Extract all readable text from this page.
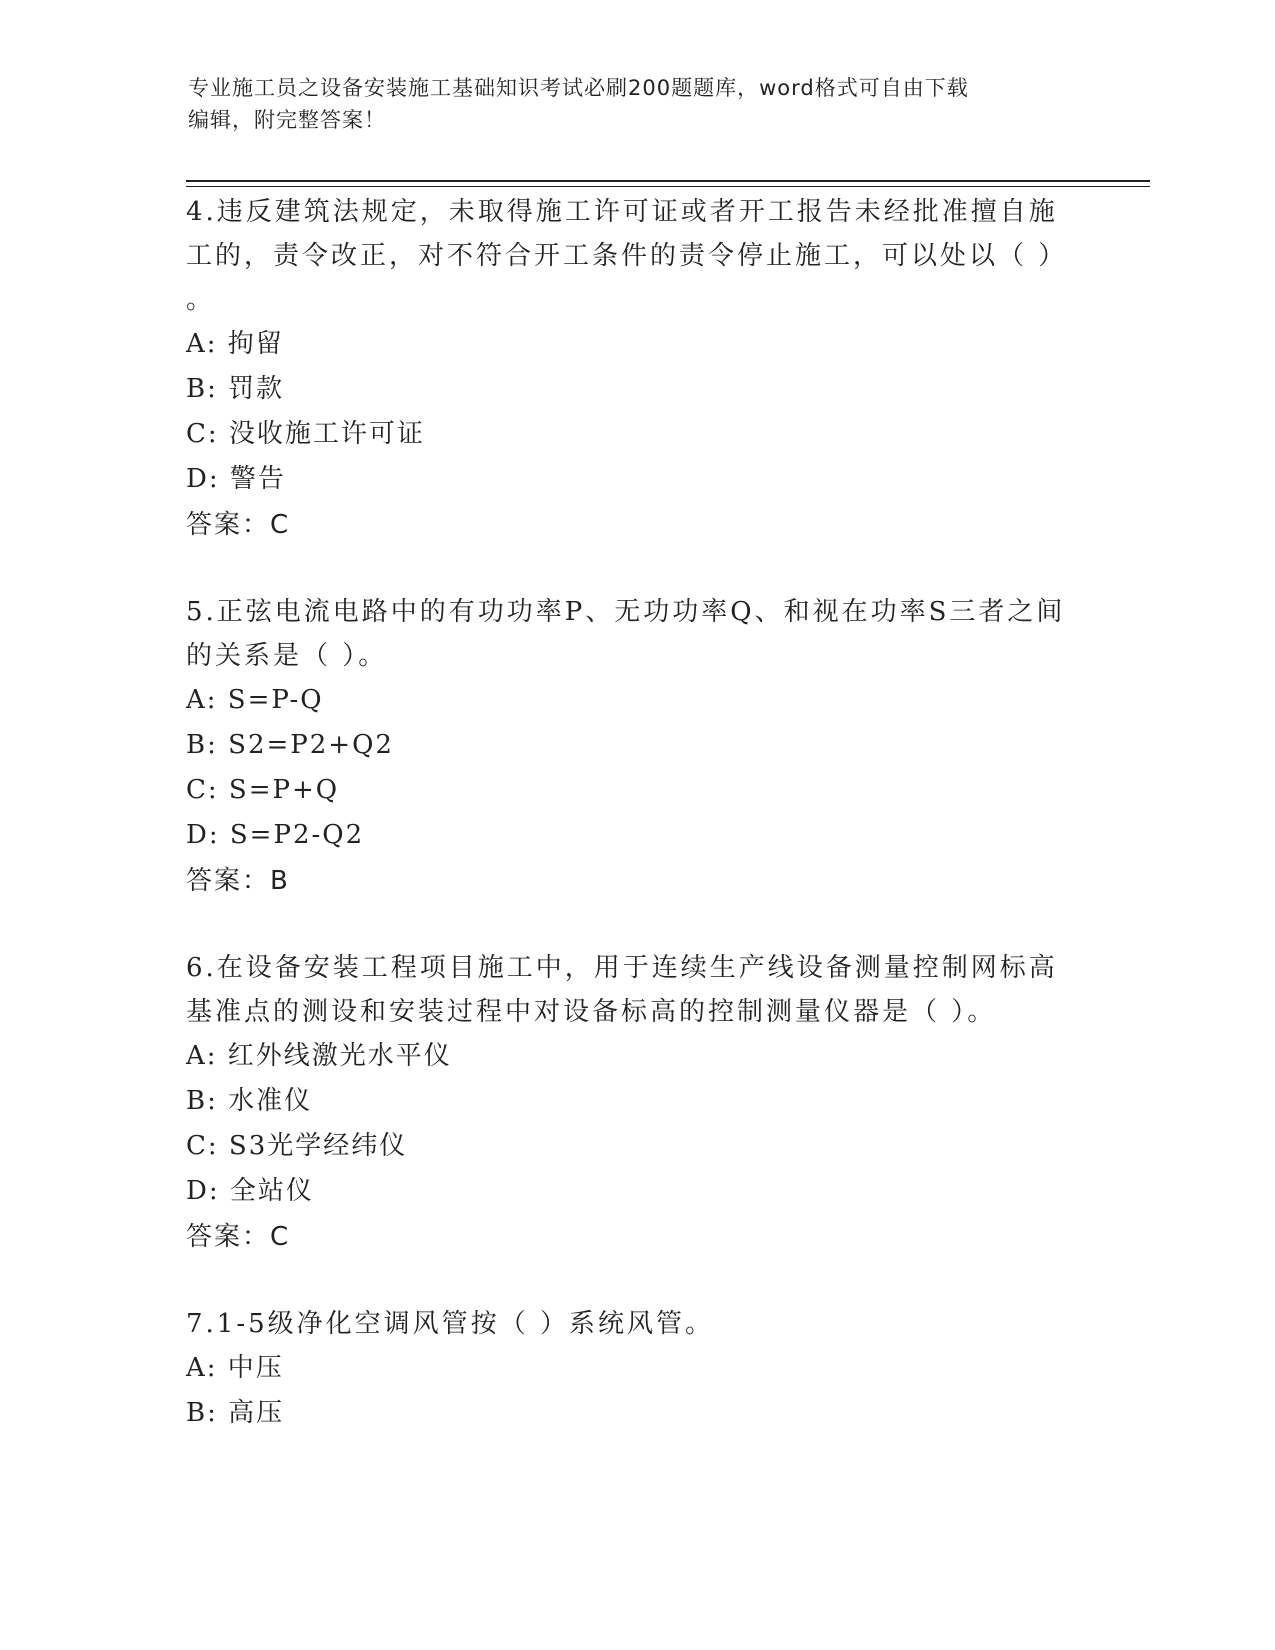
专业施工员之设备安装施工基础知识考试必刷200题题库，word格式可自由下载
编辑，附完整答案！

4.违反建筑法规定，未取得施工许可证或者开工报告未经批准擅自施

工的，责令改正，对不符合开工条件的责令停止施工，可以处以（ ）

。

A: 拘留

B: 罚款

C: 没收施工许可证

D: 警告

答案：C

5.正弦电流电路中的有功功率P、无功功率Q、和视在功率S三者之间

的关系是（ ）。

A: S=P-Q

B: S2=P2+Q2

C: S=P+Q

D: S=P2-Q2

答案：B

6.在设备安装工程项目施工中，用于连续生产线设备测量控制网标高

基准点的测设和安装过程中对设备标高的控制测量仪器是（ ）。

A: 红外线激光水平仪

B: 水准仪

C: S3光学经纬仪

D: 全站仪

答案：C

7.1-5级净化空调风管按（ ）系统风管。

A: 中压

B: 高压
